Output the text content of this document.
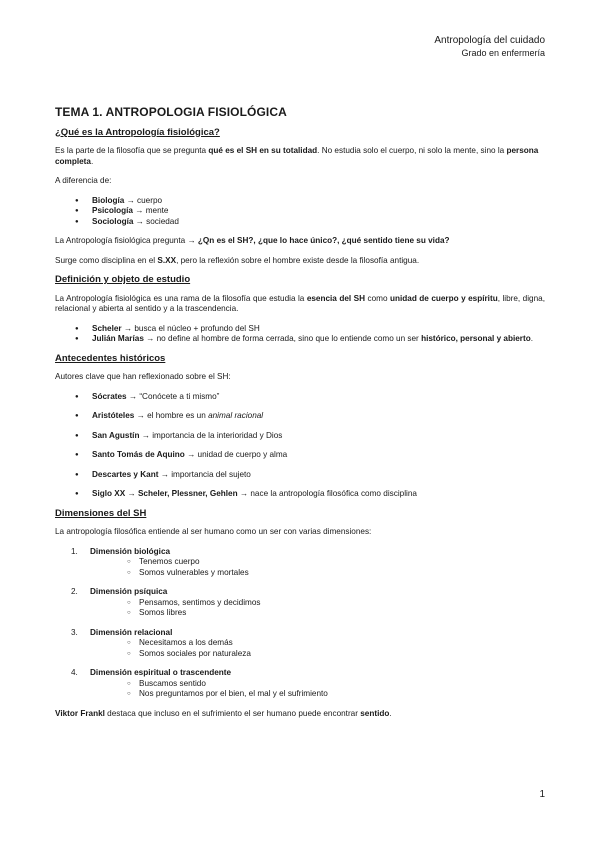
Antropología del cuidado
Grado en enfermería
TEMA 1. ANTROPOLOGIA FISIOLÓGICA
¿Qué es la Antropología fisiológica?

Es la parte de la filosofía que se pregunta qué es el SH en su totalidad. No estudia solo el cuerpo, ni solo la mente, sino la persona completa.

A diferencia de:

● Biología → cuerpo
● Psicología → mente
● Sociología → sociedad

La Antropología fisiológica pregunta → ¿Qn es el SH?, ¿que lo hace único?, ¿qué sentido tiene su vida?

Surge como disciplina en el S.XX, pero la reflexión sobre el hombre existe desde la filosofía antigua.

Definición y objeto de estudio

La Antropología fisiológica es una rama de la filosofía que estudia la esencia del SH como unidad de cuerpo y espíritu, libre, digna, relacional y abierta al sentido y a la trascendencia.

● Scheler → busca el núcleo + profundo del SH
● Julián Marías → no define al hombre de forma cerrada, sino que lo entiende como un ser histórico, personal y abierto.
Antecedentes históricos

Autores clave que han reflexionado sobre el SH:

● Sócrates → “Conócete a ti mismo”
● Aristóteles → el hombre es un animal racional
● San Agustín → importancia de la interioridad y Dios
● Santo Tomás de Aquino → unidad de cuerpo y alma
● Descartes y Kant → importancia del sujeto
● Siglo XX → Scheler, Plessner, Gehlen → nace la antropología filosófica como disciplina
Dimensiones del SH

La antropología filosófica entiende al ser humano como un ser con varias dimensiones:

1. Dimensión biológica
○ Tenemos cuerpo
○ Somos vulnerables y mortales
2. Dimensión psíquica
○ Pensamos, sentimos y decidimos
○ Somos libres
3. Dimensión relacional
○ Necesitamos a los demás
○ Somos sociales por naturaleza
4. Dimensión espiritual o trascendente
○ Buscamos sentido
○ Nos preguntamos por el bien, el mal y el sufrimiento

Viktor Frankl destaca que incluso en el sufrimiento el ser humano puede encontrar sentido.

1
